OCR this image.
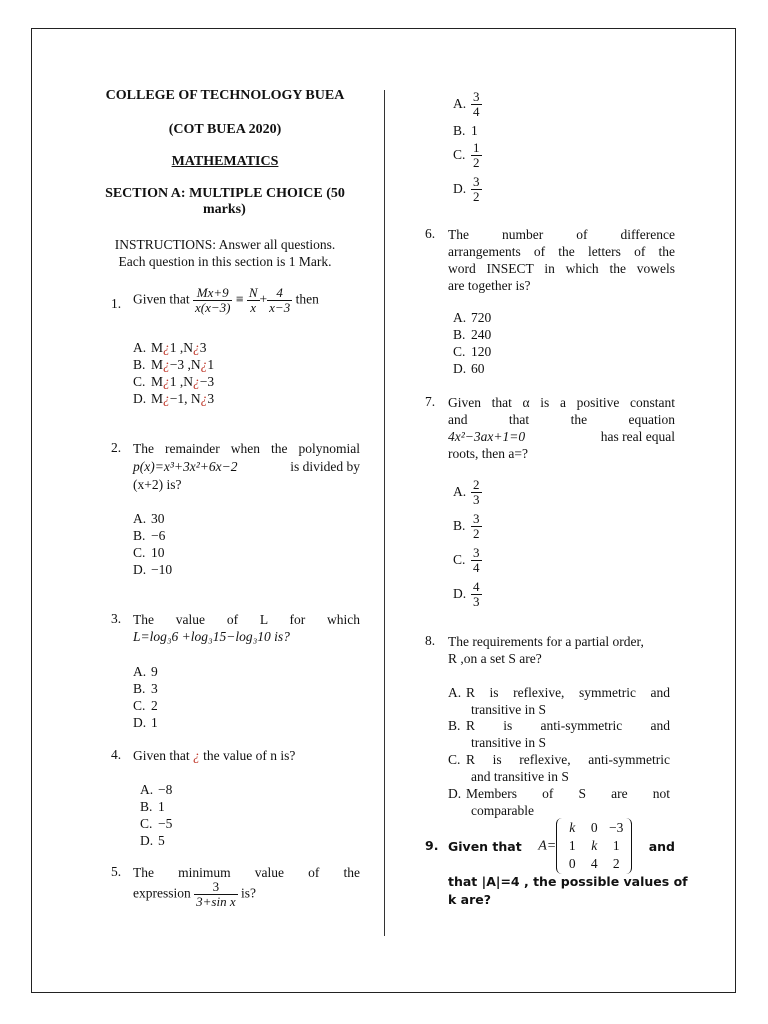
COLLEGE OF TECHNOLOGY BUEA
(COT BUEA 2020)
MATHEMATICS
SECTION A: MULTIPLE CHOICE (50
marks)
INSTRUCTIONS: Answer all questions.
Each question in this section is 1 Mark.
1. Given that $\frac{Mx+9}{x(x-3)} \equiv \frac{N}{x} + \frac{4}{x-3}$ then
A. M¿1 ,N¿3
B. M¿−3 ,N¿1
C. M¿1 ,N¿−3
D. M¿−1, N¿3
2. The remainder when the polynomial
p(x)=x³+3x²+6x−2	is divided by
(x+2) is?
A. 30
B. −6
C. 10
D. −10
3. The value of L for which
L=log₃6 +log₃15−log₃10 is?
A. 9
B. 3
C. 2
D. 1
4. Given that ¿ the value of n is?
A. −8
B. 1
C. −5
D. 5
5. The minimum value of the
expression $\frac{3}{\text{3+sin x}}$ is?
A. $\frac{3}{4}$
B. 1
C. $\frac{1}{2}$
D. $\frac{3}{2}$
6. The number of difference
arrangements of the letters of the
word INSECT in which the vowels
are together is?
A. 720
B. 240
C. 120
D. 60
7. Given that α is a positive constant
and that the equation
4x²−3ax+1=0	has real equal
roots, then a=?
A. $\frac{2}{3}$
B. $\frac{3}{2}$
C. $\frac{3}{4}$
D. $\frac{4}{3}$
8. The requirements for a partial order,
R ,on a set S are?
A. R is reflexive, symmetric and
transitive in S
B. R is anti-symmetric and
transitive in S
C. R is reflexive, anti-symmetric
and transitive in S
D. Members of S are not
comparable
9. Given that A=
k	0 −3
1	k	1
0	4	2
and
that |A|=4 , the possible values of
k are?
